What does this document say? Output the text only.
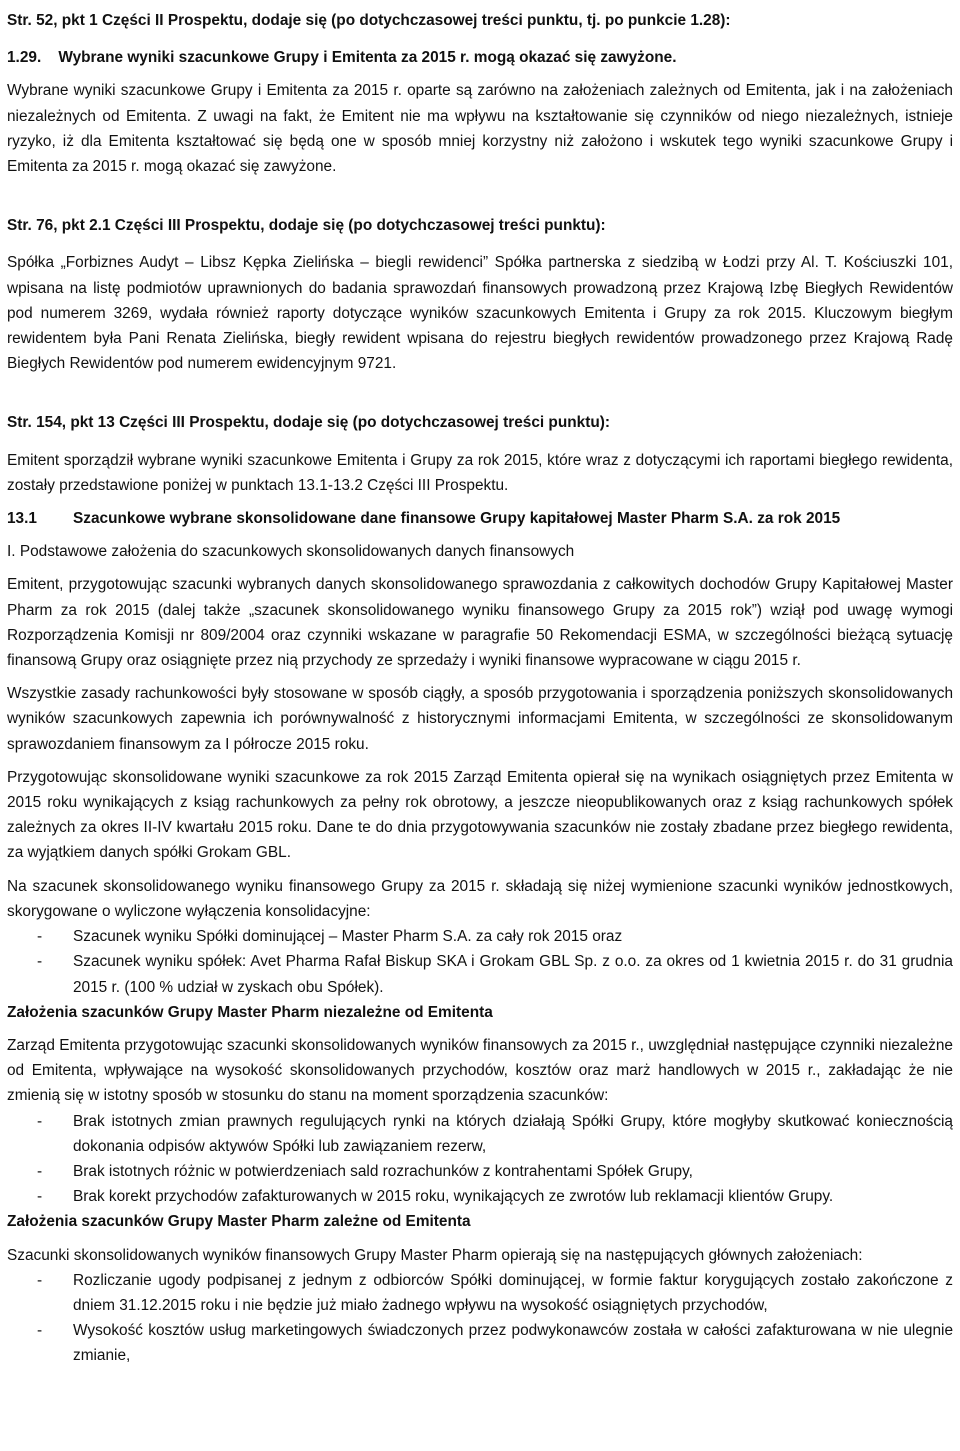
Str. 52, pkt 1 Części II Prospektu, dodaje się (po dotychczasowej treści punktu, tj. po punkcie 1.28):

1.29.    Wybrane wyniki szacunkowe Grupy i Emitenta za 2015 r. mogą okazać się zawyżone.

Wybrane wyniki szacunkowe Grupy i Emitenta za 2015 r. oparte są zarówno na założeniach zależnych od Emitenta, jak i na założeniach niezależnych od Emitenta. Z uwagi na fakt, że Emitent nie ma wpływu na kształtowanie się czynników od niego niezależnych, istnieje ryzyko, iż dla Emitenta kształtować się będą one w sposób mniej korzystny niż założono i wskutek tego wyniki szacunkowe Grupy i Emitenta za 2015 r. mogą okazać się zawyżone.

Str. 76, pkt 2.1 Części III Prospektu, dodaje się (po dotychczasowej treści punktu):

Spółka „Forbiznes Audyt – Libsz Kępka Zielińska – biegli rewidenci” Spółka partnerska z siedzibą w Łodzi przy Al. T. Kościuszki 101, wpisana na listę podmiotów uprawnionych do badania sprawozdań finansowych prowadzoną przez Krajową Izbę Biegłych Rewidentów pod numerem 3269, wydała również raporty dotyczące wyników szacunkowych Emitenta i Grupy za rok 2015. Kluczowym biegłym rewidentem była Pani Renata Zielińska, biegły rewident wpisana do rejestru biegłych rewidentów prowadzonego przez Krajową Radę Biegłych Rewidentów pod numerem ewidencyjnym 9721.

Str. 154, pkt 13 Części III Prospektu, dodaje się (po dotychczasowej treści punktu):

Emitent sporządził wybrane wyniki szacunkowe Emitenta i Grupy za rok 2015, które wraz z dotyczącymi ich raportami biegłego rewidenta, zostały przedstawione poniżej w punktach 13.1-13.2 Części III Prospektu.

13.1	Szacunkowe wybrane skonsolidowane dane finansowe Grupy kapitałowej Master Pharm S.A. za rok 2015

I. Podstawowe założenia do szacunkowych skonsolidowanych danych finansowych

Emitent, przygotowując szacunki wybranych danych skonsolidowanego sprawozdania z całkowitych dochodów Grupy Kapitałowej Master Pharm za rok 2015 (dalej także „szacunek skonsolidowanego wyniku finansowego Grupy za 2015 rok”) wziął pod uwagę wymogi Rozporządzenia Komisji nr 809/2004 oraz czynniki wskazane w paragrafie 50 Rekomendacji ESMA, w szczególności bieżącą sytuację finansową Grupy oraz osiągnięte przez nią przychody ze sprzedaży i wyniki finansowe wypracowane w ciągu 2015 r.

Wszystkie zasady rachunkowości były stosowane w sposób ciągły, a sposób przygotowania i sporządzenia poniższych skonsolidowanych wyników szacunkowych zapewnia ich porównywalność z historycznymi informacjami Emitenta, w szczególności ze skonsolidowanym sprawozdaniem finansowym za I półrocze 2015 roku.

Przygotowując skonsolidowane wyniki szacunkowe za rok 2015 Zarząd Emitenta opierał się na wynikach osiągniętych przez Emitenta w 2015 roku wynikających z ksiąg rachunkowych za pełny rok obrotowy, a jeszcze nieopublikowanych oraz z ksiąg rachunkowych spółek zależnych za okres II-IV kwartału 2015 roku. Dane te do dnia przygotowywania szacunków nie zostały zbadane przez biegłego rewidenta, za wyjątkiem danych spółki Grokam GBL.

Na szacunek skonsolidowanego wyniku finansowego Grupy za 2015 r. składają się niżej wymienione szacunki wyników jednostkowych, skorygowane o wyliczone wyłączenia konsolidacyjne:

- Szacunek wyniku Spółki dominującej – Master Pharm S.A. za cały rok 2015 oraz
- Szacunek wyniku spółek: Avet Pharma Rafał Biskup SKA i Grokam GBL Sp. z o.o. za okres od 1 kwietnia 2015 r. do 31 grudnia 2015 r. (100 % udział w zyskach obu Spółek).

Założenia szacunków Grupy Master Pharm niezależne od Emitenta

Zarząd Emitenta przygotowując szacunki skonsolidowanych wyników finansowych za 2015 r., uwzględniał następujące czynniki niezależne od Emitenta, wpływające na wysokość skonsolidowanych przychodów, kosztów oraz marż handlowych w 2015 r., zakładając że nie zmienią się w istotny sposób w stosunku do stanu na moment sporządzenia szacunków:

- Brak istotnych zmian prawnych regulujących rynki na których działają Spółki Grupy, które mogłyby skutkować koniecznością dokonania odpisów aktywów Spółki lub zawiązaniem rezerw,
- Brak istotnych różnic w potwierdzeniach sald rozrachunków z kontrahentami Spółek Grupy,
- Brak korekt przychodów zafakturowanych w 2015 roku, wynikających ze zwrotów lub reklamacji klientów Grupy.

Założenia szacunków Grupy Master Pharm zależne od Emitenta

Szacunki skonsolidowanych wyników finansowych Grupy Master Pharm opierają się na następujących głównych założeniach:

- Rozliczanie ugody podpisanej z jednym z odbiorców Spółki dominującej, w formie faktur korygujących zostało zakończone z dniem 31.12.2015 roku i nie będzie już miało żadnego wpływu na wysokość osiągniętych przychodów,
- Wysokość kosztów usług marketingowych świadczonych przez podwykonawców została w całości zafakturowana w nie ulegnie zmianie,
